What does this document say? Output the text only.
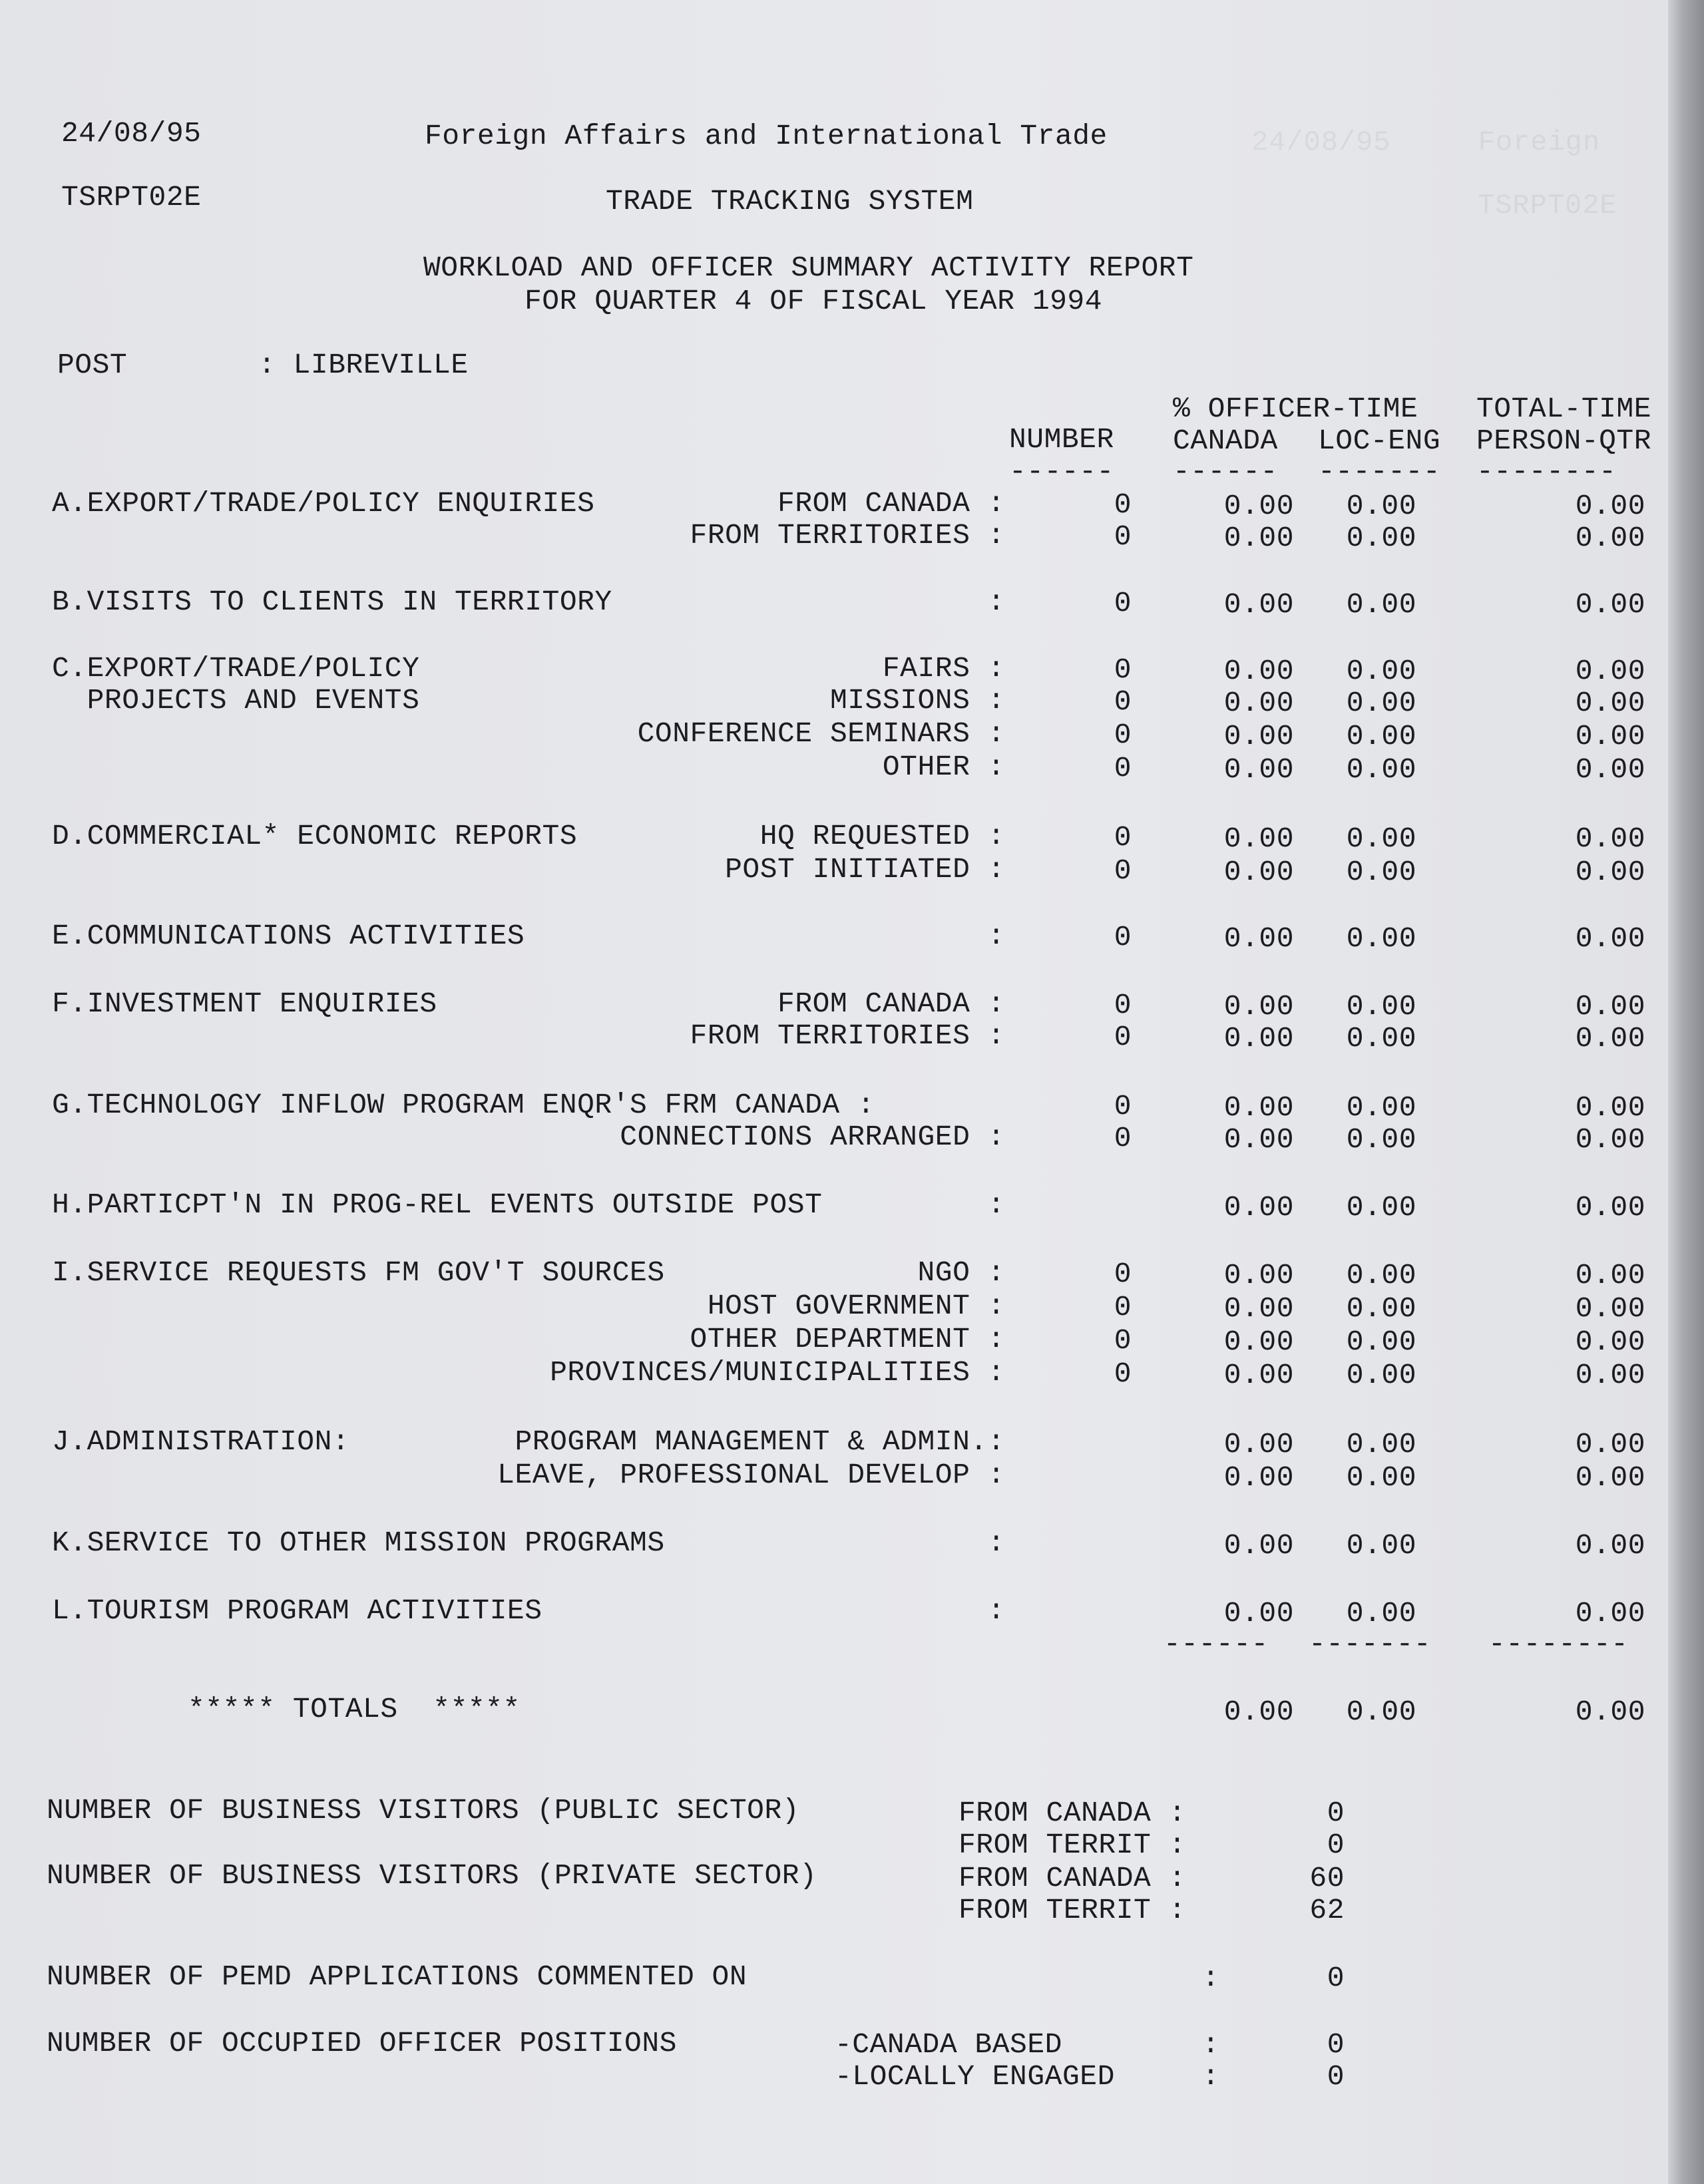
24/08/95     Foreign
TSRPT02E
24/08/95	Foreign Affairs and International Trade
TSRPT02E	TRADE TRACKING SYSTEM
WORKLOAD AND OFFICER SUMMARY ACTIVITY REPORT
FOR QUARTER 4 OF FISCAL YEAR 1994
POST	: LIBREVILLE
% OFFICER-TIME TOTAL-TIME
NUMBER CANADA LOC-ENG PERSON-QTR
------ ------ ------- --------
A.EXPORT/TRADE/POLICY ENQUIRIES	FROM CANADA :	0	0.00	0.00	0.00
FROM TERRITORIES :	0	0.00	0.00	0.00
B.VISITS TO CLIENTS IN TERRITORY	:	0	0.00	0.00	0.00
C.EXPORT/TRADE/POLICY	FAIRS :	0	0.00	0.00	0.00
PROJECTS AND EVENTS	MISSIONS :	0	0.00	0.00	0.00
CONFERENCE SEMINARS :	0	0.00	0.00	0.00
OTHER :	0	0.00	0.00	0.00
D.COMMERCIAL* ECONOMIC REPORTS	HQ REQUESTED :	0	0.00	0.00	0.00
POST INITIATED :	0	0.00	0.00	0.00
E.COMMUNICATIONS ACTIVITIES	:	0	0.00	0.00	0.00
F.INVESTMENT ENQUIRIES	FROM CANADA :	0	0.00	0.00	0.00
FROM TERRITORIES :	0	0.00	0.00	0.00
G.TECHNOLOGY INFLOW PROGRAM ENQR'S FRM CANADA :	0	0.00	0.00	0.00
CONNECTIONS ARRANGED :	0	0.00	0.00	0.00
H.PARTICPT'N IN PROG-REL EVENTS OUTSIDE POST	:	0.00	0.00	0.00
I.SERVICE REQUESTS FM GOV'T SOURCES	NGO :	0	0.00	0.00	0.00
HOST GOVERNMENT :	0	0.00	0.00	0.00
OTHER DEPARTMENT :	0	0.00	0.00	0.00
PROVINCES/MUNICIPALITIES :	0	0.00	0.00	0.00
J.ADMINISTRATION:	PROGRAM MANAGEMENT & ADMIN.:	0.00	0.00	0.00
LEAVE, PROFESSIONAL DEVELOP :	0.00	0.00	0.00
K.SERVICE TO OTHER MISSION PROGRAMS	:	0.00	0.00	0.00
L.TOURISM PROGRAM ACTIVITIES	:	0.00	0.00	0.00
------ ------- --------
***** TOTALS  *****	0.00	0.00	0.00
NUMBER OF BUSINESS VISITORS (PUBLIC SECTOR)	FROM CANADA :	0
FROM TERRIT :	0
NUMBER OF BUSINESS VISITORS (PRIVATE SECTOR)	FROM CANADA :	60
FROM TERRIT :	62
NUMBER OF PEMD APPLICATIONS COMMENTED ON	:	0
NUMBER OF OCCUPIED OFFICER POSITIONS	-CANADA BASED	:	0
-LOCALLY ENGAGED	:	0
